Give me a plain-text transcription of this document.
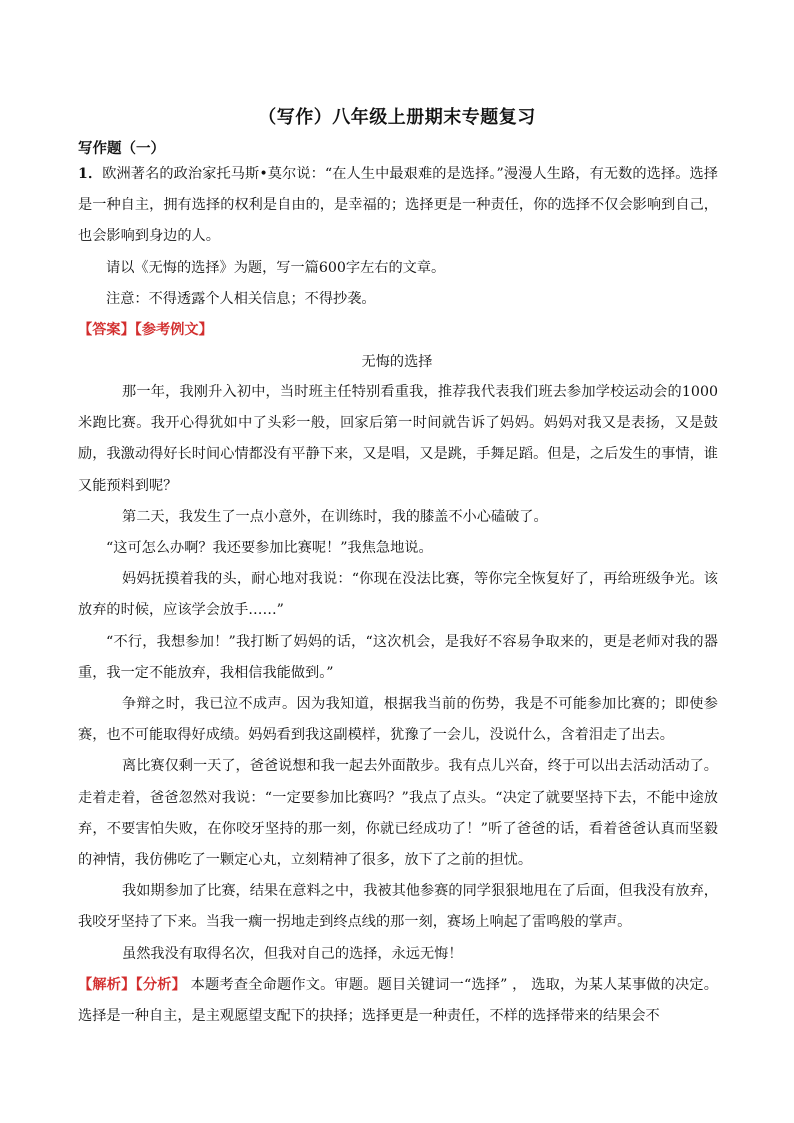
（写作）八年级上册期末专题复习
写作题（一）

1．欧洲著名的政治家托马斯•莫尔说：“在人生中最艰难的是选择。”漫漫人生路，有无数的选择。选择是一种自主，拥有选择的权利是自由的，是幸福的；选择更是一种责任，你的选择不仅会影响到自己，也会影响到身边的人。

请以《无悔的选择》为题，写一篇600字左右的文章。

注意：不得透露个人相关信息；不得抄袭。

【答案】【参考例文】

无悔的选择

那一年，我刚升入初中，当时班主任特别看重我，推荐我代表我们班去参加学校运动会的1000米跑比赛。我开心得犹如中了头彩一般，回家后第一时间就告诉了妈妈。妈妈对我又是表扬，又是鼓励，我激动得好长时间心情都没有平静下来，又是唱，又是跳，手舞足蹈。但是，之后发生的事情，谁又能预料到呢？

第二天，我发生了一点小意外，在训练时，我的膝盖不小心磕破了。

“这可怎么办啊？我还要参加比赛呢！”我焦急地说。

妈妈抚摸着我的头，耐心地对我说：“你现在没法比赛，等你完全恢复好了，再给班级争光。该放弃的时候，应该学会放手……”

“不行，我想参加！”我打断了妈妈的话，“这次机会，是我好不容易争取来的，更是老师对我的器重，我一定不能放弃，我相信我能做到。”

争辩之时，我已泣不成声。因为我知道，根据我当前的伤势，我是不可能参加比赛的；即使参赛，也不可能取得好成绩。妈妈看到我这副模样，犹豫了一会儿，没说什么，含着泪走了出去。

离比赛仅剩一天了，爸爸说想和我一起去外面散步。我有点儿兴奋，终于可以出去活动活动了。走着走着，爸爸忽然对我说：“一定要参加比赛吗？”我点了点头。“决定了就要坚持下去，不能中途放弃，不要害怕失败，在你咬牙坚持的那一刻，你就已经成功了！”听了爸爸的话，看着爸爸认真而坚毅的神情，我仿佛吃了一颗定心丸，立刻精神了很多，放下了之前的担忧。

我如期参加了比赛，结果在意料之中，我被其他参赛的同学狠狠地甩在了后面，但我没有放弃，我咬牙坚持了下来。当我一瘸一拐地走到终点线的那一刻，赛场上响起了雷鸣般的掌声。

虽然我没有取得名次，但我对自己的选择，永远无悔！

【解析】【分析】 本题考查全命题作文。审题。题目关键词一“选择” ， 选取，为某人某事做的决定。选择是一种自主，是主观愿望支配下的抉择；选择更是一种责任，不样的选择带来的结果会不
